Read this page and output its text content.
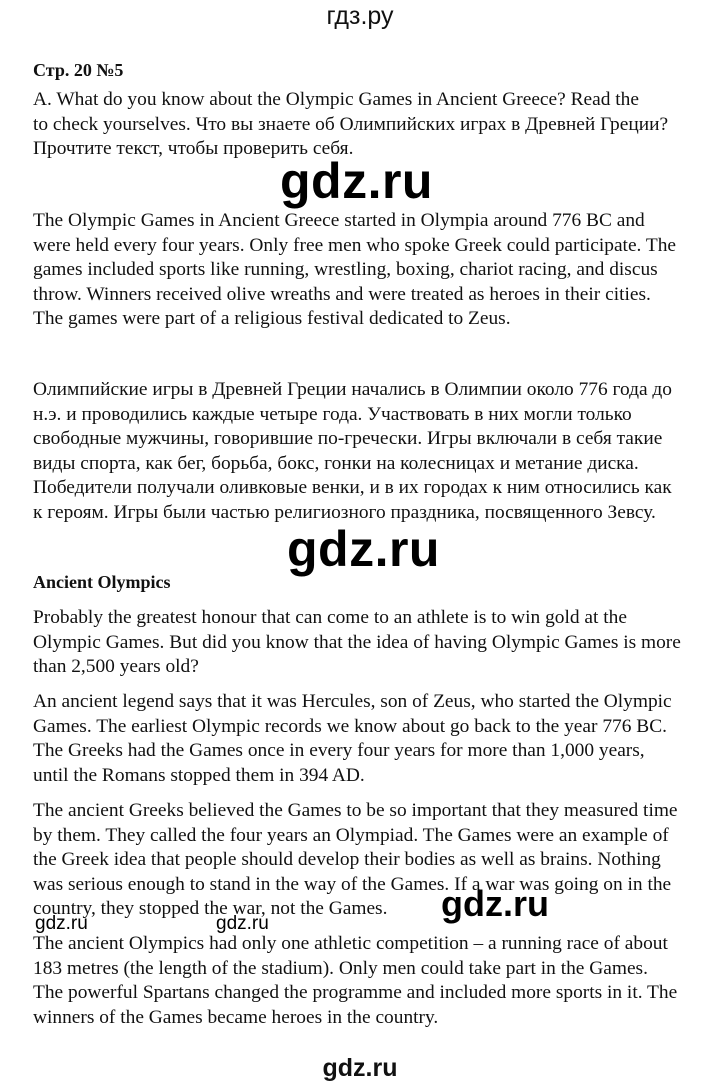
гдз.ру
Стр. 20 №5
A. What do you know about the Olympic Games in Ancient Greece? Read the
to check yourselves. Что вы знаете об Олимпийских играх в Древней Греции?
Прочтите текст, чтобы проверить себя.
gdz.ru
The Olympic Games in Ancient Greece started in Olympia around 776 BC and
were held every four years. Only free men who spoke Greek could participate. The
games included sports like running, wrestling, boxing, chariot racing, and discus
throw. Winners received olive wreaths and were treated as heroes in their cities.
The games were part of a religious festival dedicated to Zeus.
Олимпийские игры в Древней Греции начались в Олимпии около 776 года до
н.э. и проводились каждые четыре года. Участвовать в них могли только
свободные мужчины, говорившие по-гречески. Игры включали в себя такие
виды спорта, как бег, борьба, бокс, гонки на колесницах и метание диска.
Победители получали оливковые венки, и в их городах к ним относились как
к героям. Игры были частью религиозного праздника, посвященного Зевсу.
gdz.ru
Ancient Olympics
Probably the greatest honour that can come to an athlete is to win gold at the
Olympic Games. But did you know that the idea of having Olympic Games is more
than 2,500 years old?
An ancient legend says that it was Hercules, son of Zeus, who started the Olympic
Games. The earliest Olympic records we know about go back to the year 776 BC.
The Greeks had the Games once in every four years for more than 1,000 years,
until the Romans stopped them in 394 AD.
The ancient Greeks believed the Games to be so important that they measured time
by them. They called the four years an Olympiad. The Games were an example of
the Greek idea that people should develop their bodies as well as brains. Nothing
was serious enough to stand in the way of the Games. If a war was going on in the
country, they stopped the war, not the Games.
The ancient Olympics had only one athletic competition – a running race of about
183 metres (the length of the stadium). Only men could take part in the Games.
The powerful Spartans changed the programme and included more sports in it. The
winners of the Games became heroes in the country.
gdz.ru
gdz.ru	gdz.ru
gdz.ru
